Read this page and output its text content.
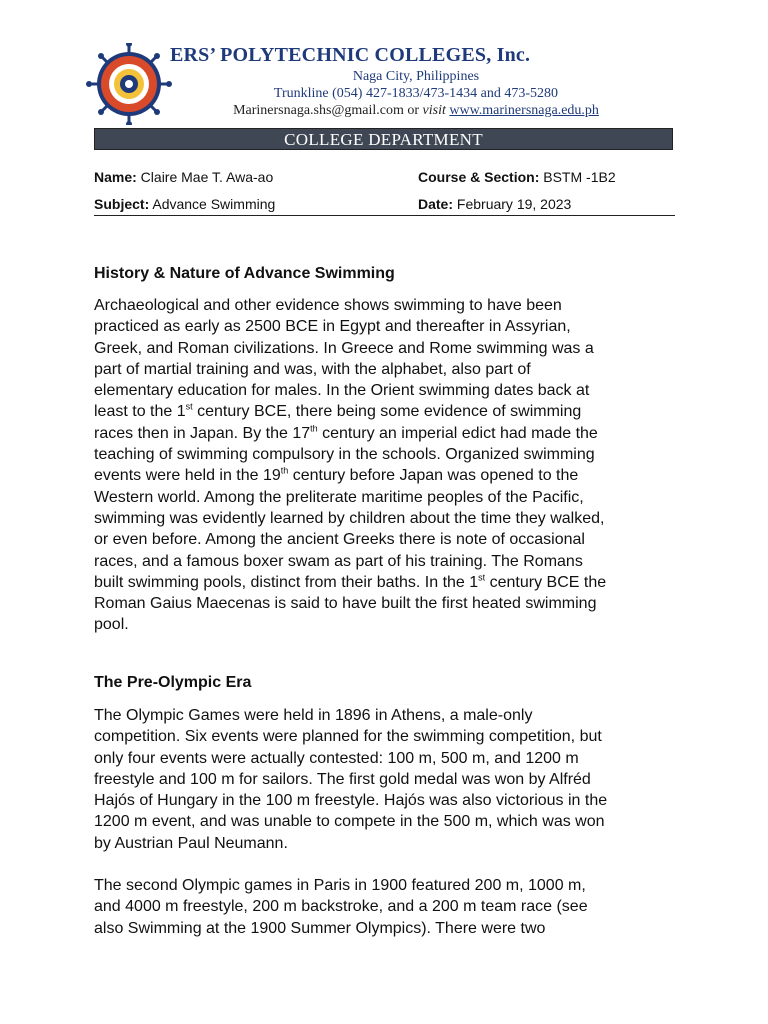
ERS’ POLYTECHNIC COLLEGES, Inc.
Naga City, Philippines
Trunkline (054) 427-1833/473-1434 and 473-5280
Marinersnaga.shs@gmail.com or visit www.marinersnaga.edu.ph
COLLEGE DEPARTMENT
Name: Claire Mae T. Awa-ao	Course & Section: BSTM -1B2
Subject: Advance Swimming	Date: February 19, 2023
History & Nature of Advance Swimming
Archaeological and other evidence shows swimming to have been
practiced as early as 2500 BCE in Egypt and thereafter in Assyrian,
Greek, and Roman civilizations. In Greece and Rome swimming was a
part of martial training and was, with the alphabet, also part of
elementary education for males. In the Orient swimming dates back at
least to the 1st century BCE, there being some evidence of swimming
races then in Japan. By the 17th century an imperial edict had made the
teaching of swimming compulsory in the schools. Organized swimming
events were held in the 19th century before Japan was opened to the
Western world. Among the preliterate maritime peoples of the Pacific,
swimming was evidently learned by children about the time they walked,
or even before. Among the ancient Greeks there is note of occasional
races, and a famous boxer swam as part of his training. The Romans
built swimming pools, distinct from their baths. In the 1st century BCE the
Roman Gaius Maecenas is said to have built the first heated swimming
pool.
The Pre-Olympic Era
The Olympic Games were held in 1896 in Athens, a male-only
competition. Six events were planned for the swimming competition, but
only four events were actually contested: 100 m, 500 m, and 1200 m
freestyle and 100 m for sailors. The first gold medal was won by Alfréd
Hajós of Hungary in the 100 m freestyle. Hajós was also victorious in the
1200 m event, and was unable to compete in the 500 m, which was won
by Austrian Paul Neumann.
The second Olympic games in Paris in 1900 featured 200 m, 1000 m,
and 4000 m freestyle, 200 m backstroke, and a 200 m team race (see
also Swimming at the 1900 Summer Olympics). There were two
